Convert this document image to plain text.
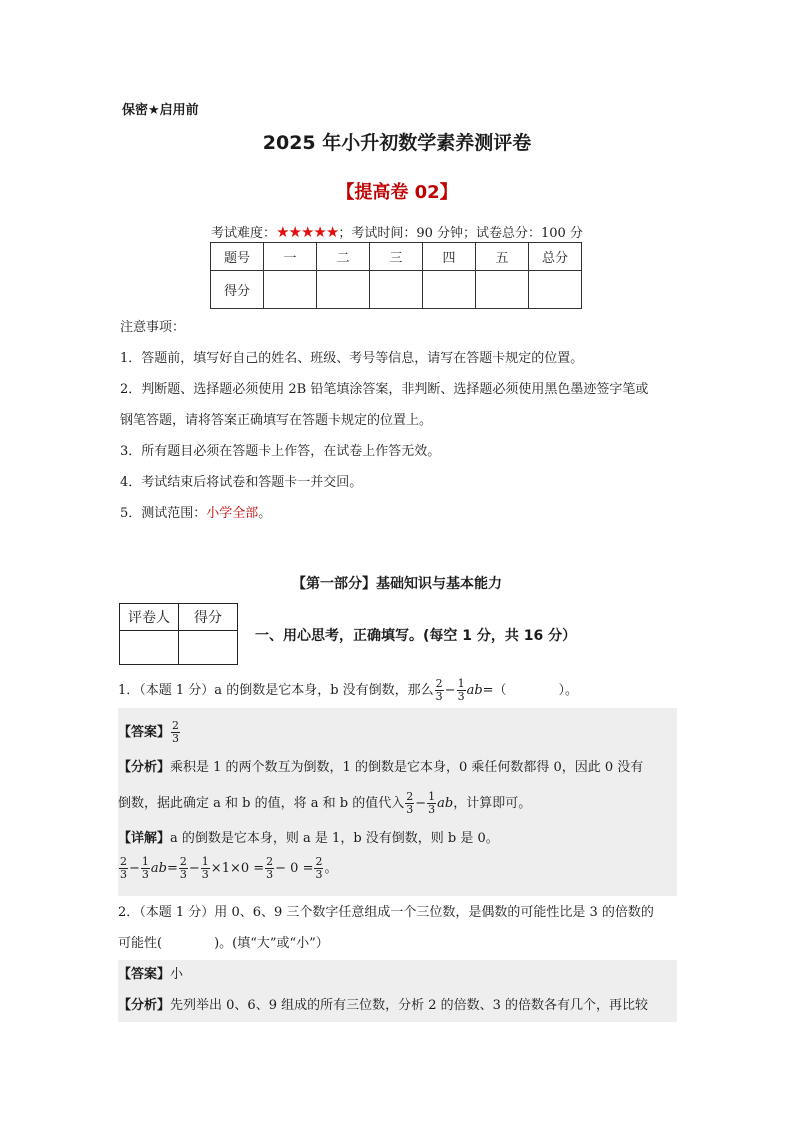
保密★启用前
2025 年小升初数学素养测评卷
【提高卷 02】
考试难度：★★★★★；考试时间：90 分钟；试卷总分：100 分
题号	一	二	三	四	五	总分
得分						
注意事项：
1．答题前，填写好自己的姓名、班级、考号等信息，请写在答题卡规定的位置。
2．判断题、选择题必须使用 2B 铅笔填涂答案，非判断、选择题必须使用黑色墨迹签字笔或
钢笔答题，请将答案正确填写在答题卡规定的位置上。
3．所有题目必须在答题卡上作答，在试卷上作答无效。
4．考试结束后将试卷和答题卡一并交回。
5．测试范围：小学全部。
【第一部分】基础知识与基本能力
评卷人	得分

一、用心思考，正确填写。(每空 1 分，共 16 分）
1．（本题 1 分）a 的倒数是它本身，b 没有倒数，那么 $\frac{2}{3} - \frac{1}{3} ab=$（　　　　）。
【答案】 $\frac{2}{3}$
【分析】乘积是 1 的两个数互为倒数，1 的倒数是它本身，0 乘任何数都得 0，因此 0 没有
倒数，据此确定 a 和 b 的值，将 a 和 b 的值代入 $\frac{2}{3} - \frac{1}{3}$ ab，计算即可。
【详解】a 的倒数是它本身，则 a 是 1，b 没有倒数，则 b 是 0。
$\frac{2}{3} - \frac{1}{3} ab= \frac{2}{3} - \frac{1}{3} \times 1\times 0 = \frac{2}{3} - 0 = \frac{2}{3}$ 。
2．（本题 1 分）用 0、6、9 三个数字任意组成一个三位数，是偶数的可能性比是 3 的倍数的
可能性(　　　　)。(填“大”或“小”）
【答案】小
【分析】先列举出 0、6、9 组成的所有三位数，分析 2 的倍数、3 的倍数各有几个，再比较
